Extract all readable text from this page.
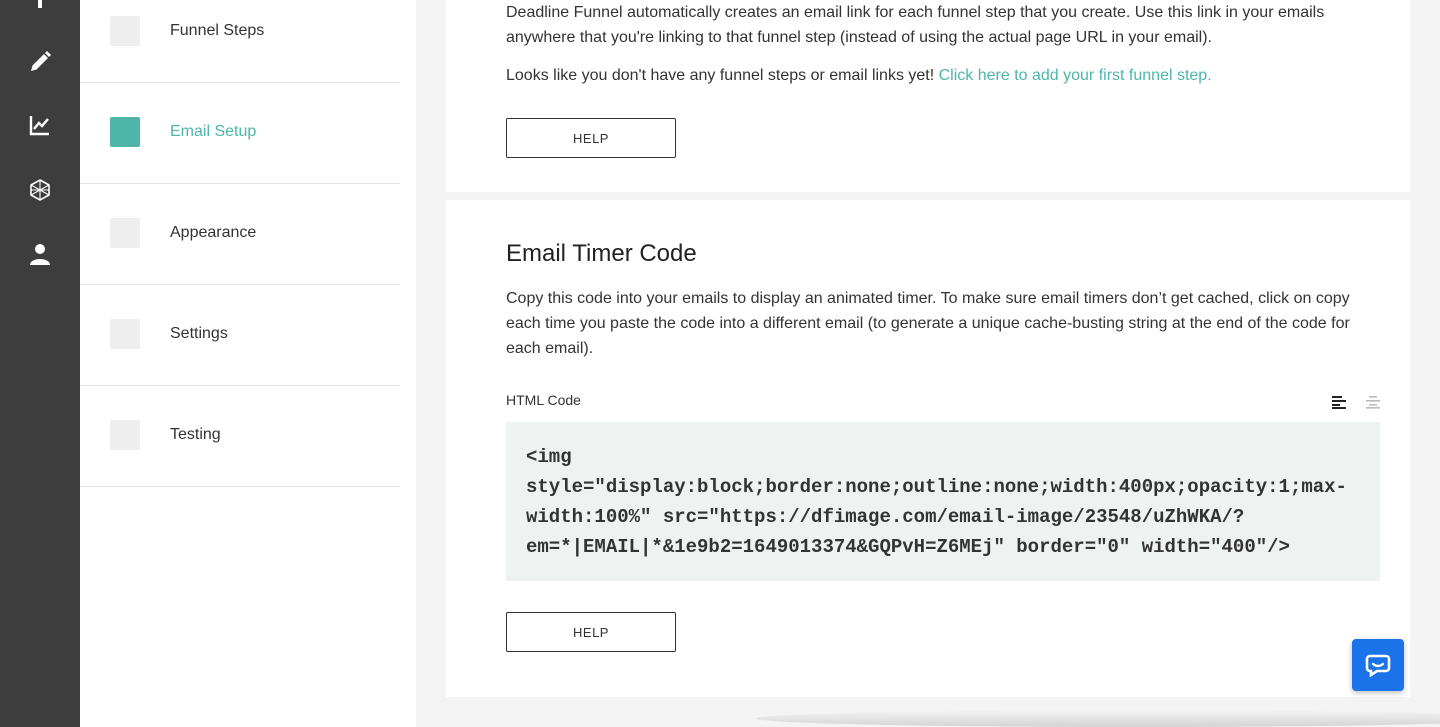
Funnel Steps
Email Setup
Appearance
Settings
Testing

Deadline Funnel automatically creates an email link for each funnel step that you create. Use this link in your emails anywhere that you're linking to that funnel step (instead of using the actual page URL in your email).

Looks like you don't have any funnel steps or email links yet! Click here to add your first funnel step.

HELP
Email Timer Code

Copy this code into your emails to display an animated timer. To make sure email timers don’t get cached, click on copy each time you paste the code into a different email (to generate a unique cache-busting string at the end of the code for each email).

HTML Code
<img
style="display:block;border:none;outline:none;width:400px;opacity:1;max-
width:100%" src="https://dfimage.com/email-image/23548/uZhWKA/?
em=*|EMAIL|*&1e9b2=1649013374&GQPvH=Z6MEj" border="0" width="400"/>
HELP
